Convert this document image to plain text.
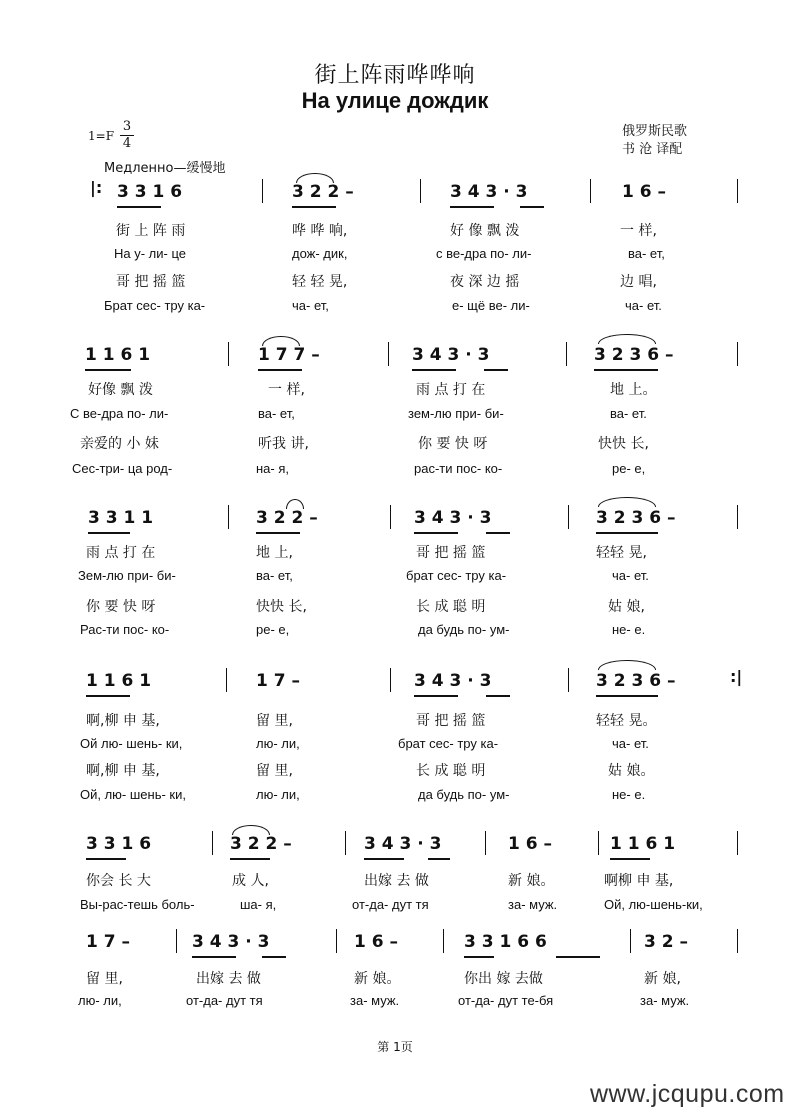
街上阵雨哗哗响
На улице дождик
1=F
3
4
Медленно—缓慢地
俄罗斯民歌
书 沧 译配
|: 3 3 1 6	3 2 2 –	3 4 3 · 3	1 6 –
街 上 阵 雨	哗 哗 响,	好 像 飘 泼	一 样,
На у- ли- це	дож- дик,	с ве-дра по- ли-	ва- ет,
哥 把 摇 篮	轻 轻 晃,	夜 深 边 摇	边 唱,
Брат сес- тру ка-	ча- ет,	е- щё ве- ли-	ча- ет.
1 1 6 1	1 7 7 –	3 4 3 · 3	3 2 3 6 –
好像 飘 泼	一 样,	雨 点 打 在	地 上。
С ве-дра по- ли-	ва- ет,	зем-лю при- би-	ва- ет.
亲爱的 小 妹	听我 讲,	你 要 快 呀	快快 长,
Сес-три- ца род-	на- я,	рас-ти пос- ко-	ре- е,
3 3 1 1	3 2 2 –	3 4 3 · 3	3 2 3 6 –
雨 点 打 在	地 上,	哥 把 摇 篮	轻轻 晃,
Зем-лю при- би-	ва- ет,	брат сес- тру ка-	ча- ет.
你 要 快 呀	快快 长,	长 成 聪 明	姑 娘,
Рас-ти пос- ко-	ре- е,	да будь по- ум-	не- е.
:|
1 1 6 1	1 7 –	3 4 3 · 3	3 2 3 6 –
啊,柳 申 基,	留 里,	哥 把 摇 篮	轻轻 晃。
Ой лю- шень- ки,	лю- ли,	брат сес- тру ка-	ча- ет.
啊,柳 申 基,	留 里,	长 成 聪 明	姑 娘。
Ой, лю- шень- ки,	лю- ли,	да будь по- ум-	не- е.
3 3 1 6	3 2 2 –	3 4 3 · 3	1 6 –	1 1 6 1
你会 长 大	成 人,	出嫁 去 做	新 娘。	啊柳 申 基,
Вы-рас-тешь боль-	ша- я,	от-да- дут тя	за- муж.	Ой, лю-шень-ки,
1 7 –	3 4 3 · 3	1 6 –	3 3 1 6 6	3 2 –
留 里,	出嫁 去 做	新 娘。	你出 嫁 去做	新 娘,
лю- ли,	от-да- дут тя	за- муж.	от-да- дут те-бя	за- муж.
第 1页
www.jcqupu.com
